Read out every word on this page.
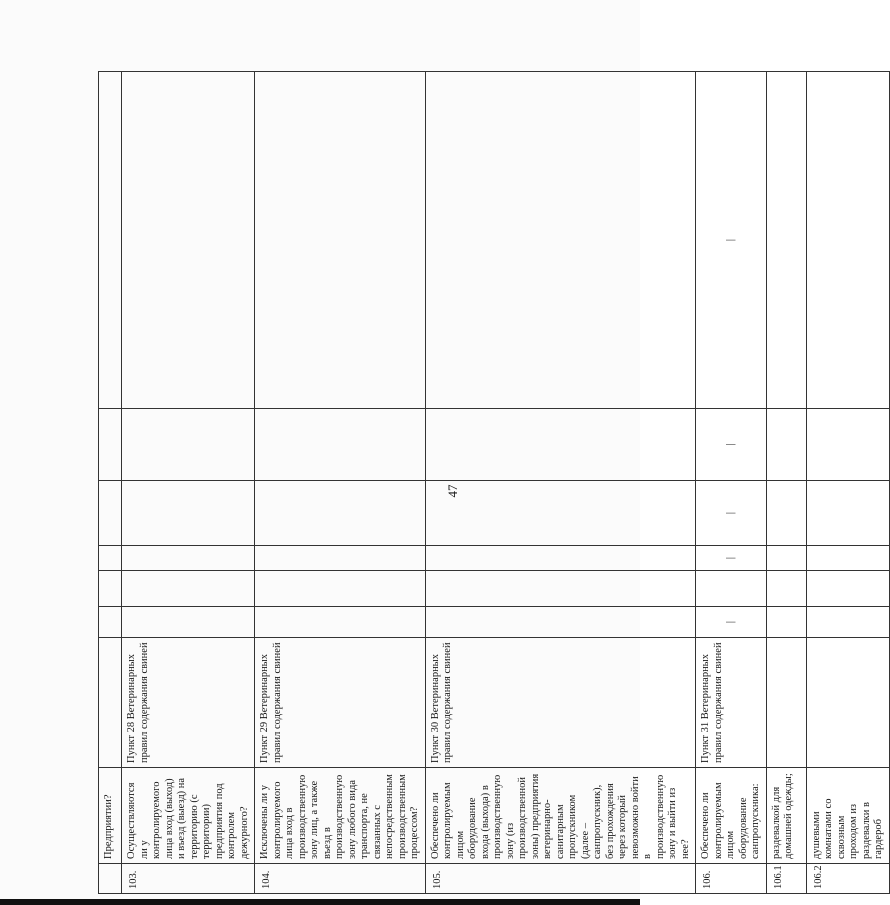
	Предприятии?							
103.	Осуществляются ли у контролируемого лица вход (выход) и въезд (выезд) на территорию (с территории) предприятия под контролем дежурного?	Пункт 28 Ветеринарных правил содержания свиней						
104.	Исключены ли у контролируемого лица вход в производственную зону лиц, а также въезд в производственную зону любого вида транспорта, не связанных с непосредственным производственным процессом?	Пункт 29 Ветеринарных правил содержания свиней						
105.	Обеспечено ли контролируемым лицом оборудование входа (выхода) в производственную зону (из производственной зоны) предприятия ветеринарно-санитарным пропускником (далее – санпропускник), без прохождения через который невозможно войти в производственную зону и выйти из нее?	Пункт 30 Ветеринарных правил содержания свиней						
106.	Обеспечено ли контролируемым лицом оборудование санпропускника:	Пункт 31 Ветеринарных правил содержания свиней	|		|	|	|	|
106.1	раздевалкой для домашней одежды;							
106.2	душевыми комнатами со сквозным проходом из раздевалки в гардероб							
47
